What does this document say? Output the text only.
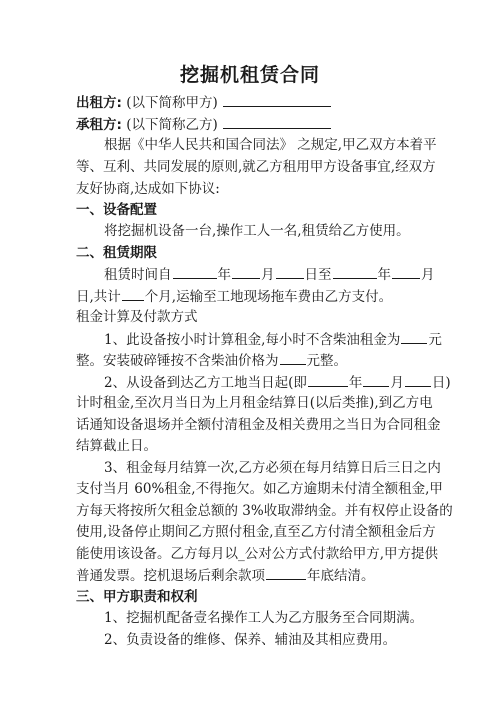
挖掘机租赁合同
出租方: (以下简称甲方)
承租方: (以下简称乙方)
根据《中华人民共和国合同法》 之规定,甲乙双方本着平
等、互利、共同发展的原则,就乙方租用甲方设备事宜,经双方
友好协商,达成如下协议:
一、设备配置
将挖掘机设备一台,操作工人一名,租赁给乙方使用。
二、租赁期限
租赁时间自	年 月 日至	年 月
日,共计 个月,运输至工地现场拖车费由乙方支付。
租金计算及付款方式
1、此设备按小时计算租金,每小时不含柴油租金为 元
整。安装破碎锤按不含柴油价格为 元整。
2、从设备到达乙方工地当日起(即	年 月 日)
计时租金,至次月当日为上月租金结算日(以后类推),到乙方电
话通知设备退场并全额付清租金及相关费用之当日为合同租金
结算截止日。
3、租金每月结算一次,乙方必须在每月结算日后三日之内
支付当月 60%租金,不得拖欠。如乙方逾期未付清全额租金,甲
方每天将按所欠租金总额的 3%收取滞纳金。并有权停止设备的
使用,设备停止期间乙方照付租金,直至乙方付清全额租金后方
能使用该设备。乙方每月以_公对公方式付款给甲方,甲方提供
普通发票。挖机退场后剩余款项	年底结清。
三、甲方职责和权利
1、挖掘机配备壹名操作工人为乙方服务至合同期满。
2、负责设备的维修、保养、辅油及其相应费用。
